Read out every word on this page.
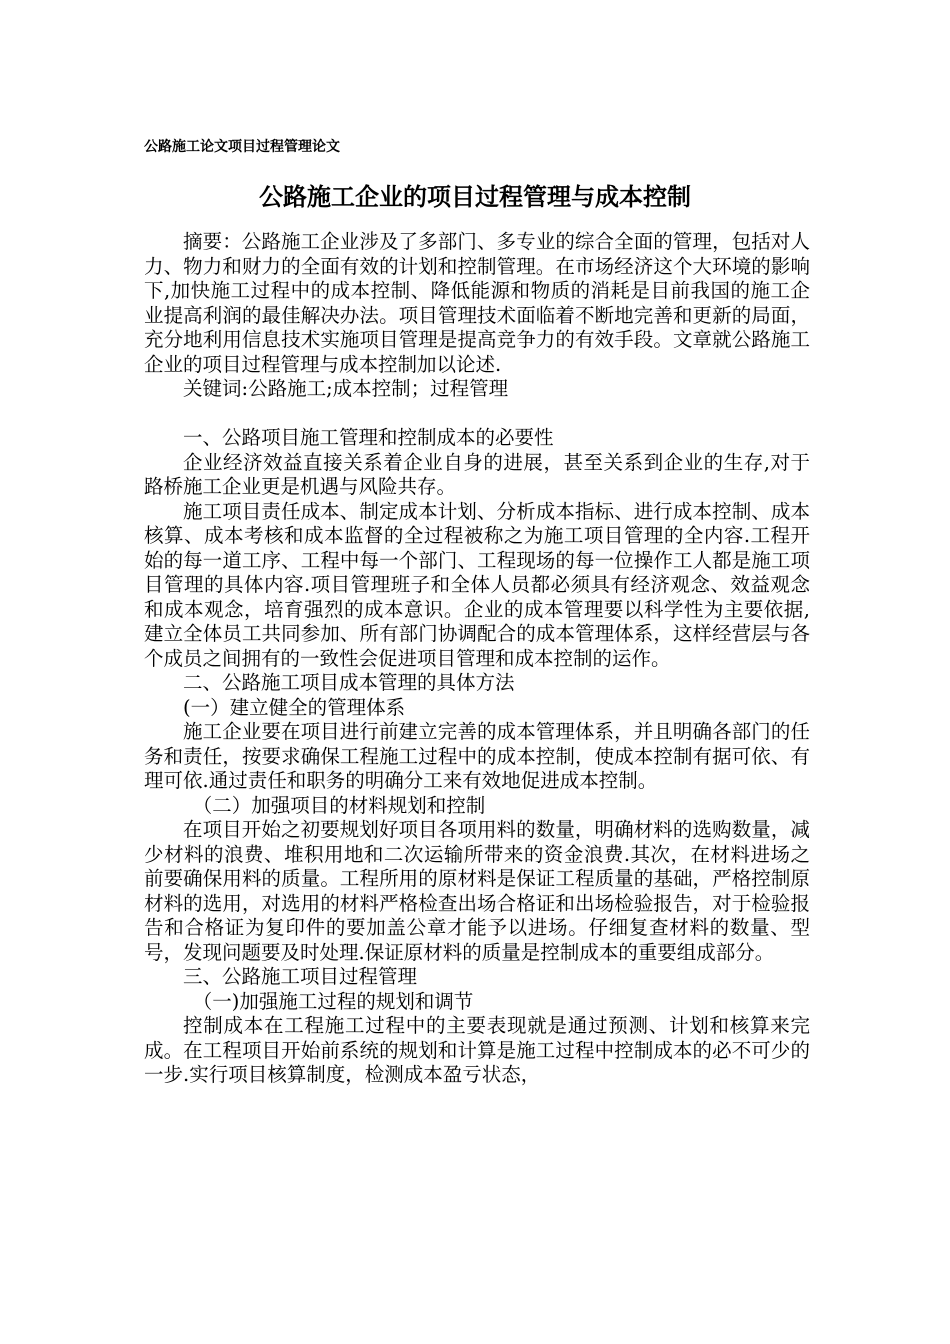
公路施工论文项目过程管理论文
公路施工企业的项目过程管理与成本控制

摘要：公路施工企业涉及了多部门、多专业的综合全面的管理，包括对人力、物力和财力的全面有效的计划和控制管理。在市场经济这个大环境的影响下,加快施工过程中的成本控制、降低能源和物质的消耗是目前我国的施工企业提高利润的最佳解决办法。项目管理技术面临着不断地完善和更新的局面，充分地利用信息技术实施项目管理是提高竞争力的有效手段。文章就公路施工企业的项目过程管理与成本控制加以论述.

关键词:公路施工;成本控制；过程管理

一、公路项目施工管理和控制成本的必要性

企业经济效益直接关系着企业自身的进展，甚至关系到企业的生存,对于路桥施工企业更是机遇与风险共存。

施工项目责任成本、制定成本计划、分析成本指标、进行成本控制、成本核算、成本考核和成本监督的全过程被称之为施工项目管理的全内容.工程开始的每一道工序、工程中每一个部门、工程现场的每一位操作工人都是施工项目管理的具体内容.项目管理班子和全体人员都必须具有经济观念、效益观念和成本观念，培育强烈的成本意识。企业的成本管理要以科学性为主要依据,建立全体员工共同参加、所有部门协调配合的成本管理体系，这样经营层与各个成员之间拥有的一致性会促进项目管理和成本控制的运作。

二、公路施工项目成本管理的具体方法

(一）建立健全的管理体系

施工企业要在项目进行前建立完善的成本管理体系，并且明确各部门的任务和责任，按要求确保工程施工过程中的成本控制，使成本控制有据可依、有理可依.通过责任和职务的明确分工来有效地促进成本控制。

（二）加强项目的材料规划和控制

在项目开始之初要规划好项目各项用料的数量，明确材料的选购数量，减少材料的浪费、堆积用地和二次运输所带来的资金浪费.其次，在材料进场之前要确保用料的质量。工程所用的原材料是保证工程质量的基础，严格控制原材料的选用，对选用的材料严格检查出场合格证和出场检验报告，对于检验报告和合格证为复印件的要加盖公章才能予以进场。仔细复查材料的数量、型号，发现问题要及时处理.保证原材料的质量是控制成本的重要组成部分。

三、公路施工项目过程管理

（一)加强施工过程的规划和调节

控制成本在工程施工过程中的主要表现就是通过预测、计划和核算来完成。在工程项目开始前系统的规划和计算是施工过程中控制成本的必不可少的一步.实行项目核算制度，检测成本盈亏状态，
